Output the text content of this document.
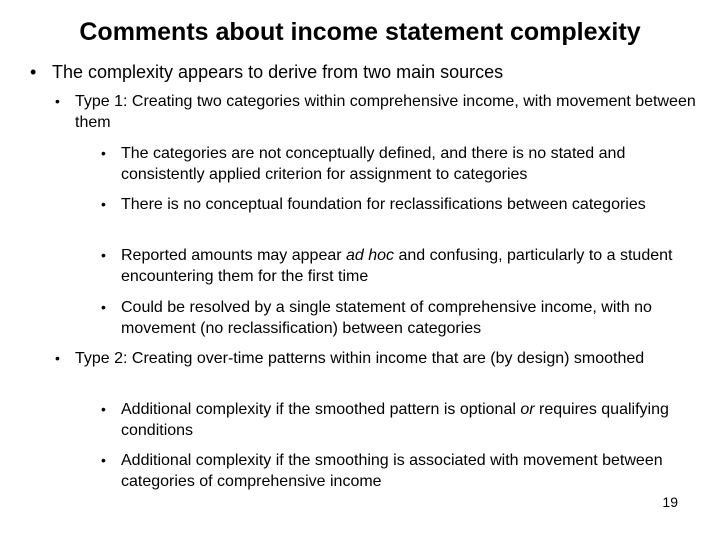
Comments about income statement complexity
• The complexity appears to derive from two main sources
• Type 1: Creating two categories within comprehensive income, with movement between them
• The categories are not conceptually defined, and there is no stated and consistently applied criterion for assignment to categories
• There is no conceptual foundation for reclassifications between categories
• Reported amounts may appear ad hoc and confusing, particularly to a student encountering them for the first time
• Could be resolved by a single statement of comprehensive income, with no movement (no reclassification) between categories
• Type 2: Creating over-time patterns within income that are (by design) smoothed
• Additional complexity if the smoothed pattern is optional or requires qualifying conditions
• Additional complexity if the smoothing is associated with movement between categories of comprehensive income
19
